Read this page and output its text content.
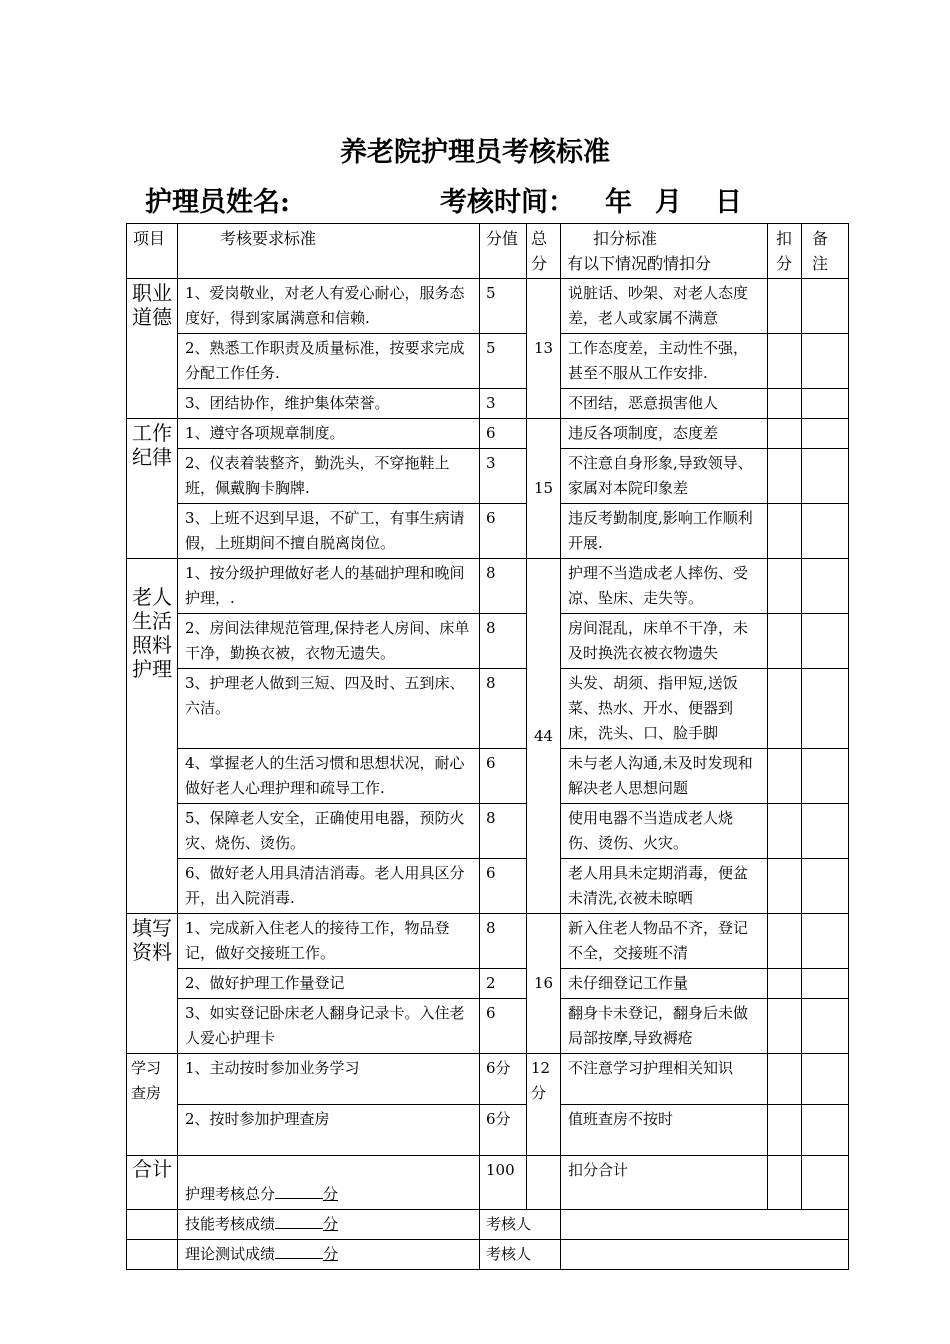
养老院护理员考核标准
护理员姓名:	考核时间： 年 月 日
项目	考核要求标准	分值	总分	扣分标准
有以下情况酌情扣分	扣分	备注
职业道德	1、爱岗敬业，对老人有爱心耐心，服务态度好，得到家属满意和信赖.	5	13	说脏话、吵架、对老人态度差，老人或家属不满意		
	2、熟悉工作职责及质量标准，按要求完成分配工作任务.	5		工作态度差，主动性不强，甚至不服从工作安排.		
	3、团结协作，维护集体荣誉。	3		不团结，恶意损害他人		
工作纪律	1、遵守各项规章制度。	6	15	违反各项制度，态度差		
	2、仪表着装整齐，勤洗头，不穿拖鞋上班，佩戴胸卡胸牌.	3		不注意自身形象,导致领导、家属对本院印象差		
	3、上班不迟到早退，不矿工，有事生病请假，上班期间不擅自脱离岗位。	6		违反考勤制度,影响工作顺利开展.		
老人生活照料护理	1、按分级护理做好老人的基础护理和晚间护理，.	8	44	护理不当造成老人摔伤、受凉、坠床、走失等。		
	2、房间法律规范管理,保持老人房间、床单干净，勤换衣被，衣物无遗失。	8		房间混乱，床单不干净，未及时换洗衣被衣物遗失		
	3、护理老人做到三短、四及时、五到床、六洁。	8		头发、胡须、指甲短,送饭菜、热水、开水、便器到床，洗头、口、脸手脚		
	4、掌握老人的生活习惯和思想状况，耐心做好老人心理护理和疏导工作.	6		未与老人沟通,未及时发现和解决老人思想问题		
	5、保障老人安全，正确使用电器，预防火灾、烧伤、烫伤。	8		使用电器不当造成老人烧伤、烫伤、火灾。		
	6、做好老人用具清洁消毒。老人用具区分开，出入院消毒.	6		老人用具未定期消毒，便盆未清洗,衣被未晾晒		
填写资料	1、完成新入住老人的接待工作，物品登记，做好交接班工作。	8	16	新入住老人物品不齐，登记不全，交接班不清		
	2、做好护理工作量登记	2		未仔细登记工作量		
	3、如实登记卧床老人翻身记录卡。入住老人爱心护理卡	6		翻身卡未登记，翻身后未做局部按摩,导致褥疮		
学习查房	1、主动按时参加业务学习	6分	12分	不注意学习护理相关知识		
	2、按时参加护理查房	6分		值班查房不按时		
合计	护理考核总分 分	100		扣分合计		
	技能考核成绩 分	考核人				
	理论测试成绩 分	考核人				
